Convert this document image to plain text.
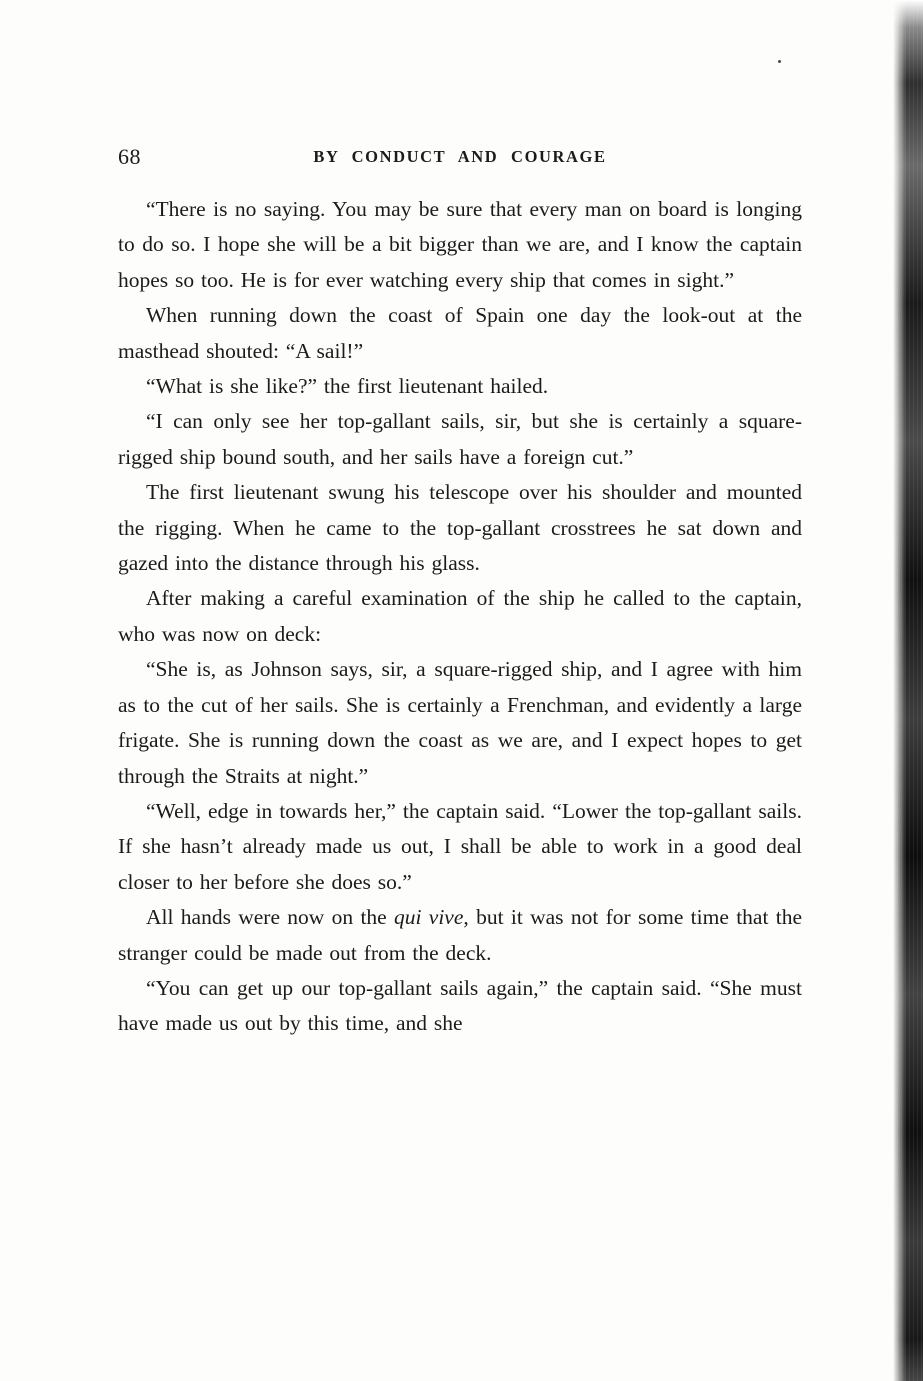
68	BY CONDUCT AND COURAGE

“There is no saying. You may be sure that every man on board is longing to do so. I hope she will be a bit bigger than we are, and I know the captain hopes so too. He is for ever watching every ship that comes in sight.”

When running down the coast of Spain one day the look-out at the masthead shouted: “A sail!”

“What is she like?” the first lieutenant hailed.

“I can only see her top-gallant sails, sir, but she is certainly a square-rigged ship bound south, and her sails have a foreign cut.”

The first lieutenant swung his telescope over his shoulder and mounted the rigging. When he came to the top-gallant crosstrees he sat down and gazed into the distance through his glass.

After making a careful examination of the ship he called to the captain, who was now on deck:

“She is, as Johnson says, sir, a square-rigged ship, and I agree with him as to the cut of her sails. She is certainly a Frenchman, and evidently a large frigate. She is running down the coast as we are, and I expect hopes to get through the Straits at night.”

“Well, edge in towards her,” the captain said. “Lower the top-gallant sails. If she hasn’t already made us out, I shall be able to work in a good deal closer to her before she does so.”

All hands were now on the qui vive, but it was not for some time that the stranger could be made out from the deck.

“You can get up our top-gallant sails again,” the captain said. “She must have made us out by this time, and she
